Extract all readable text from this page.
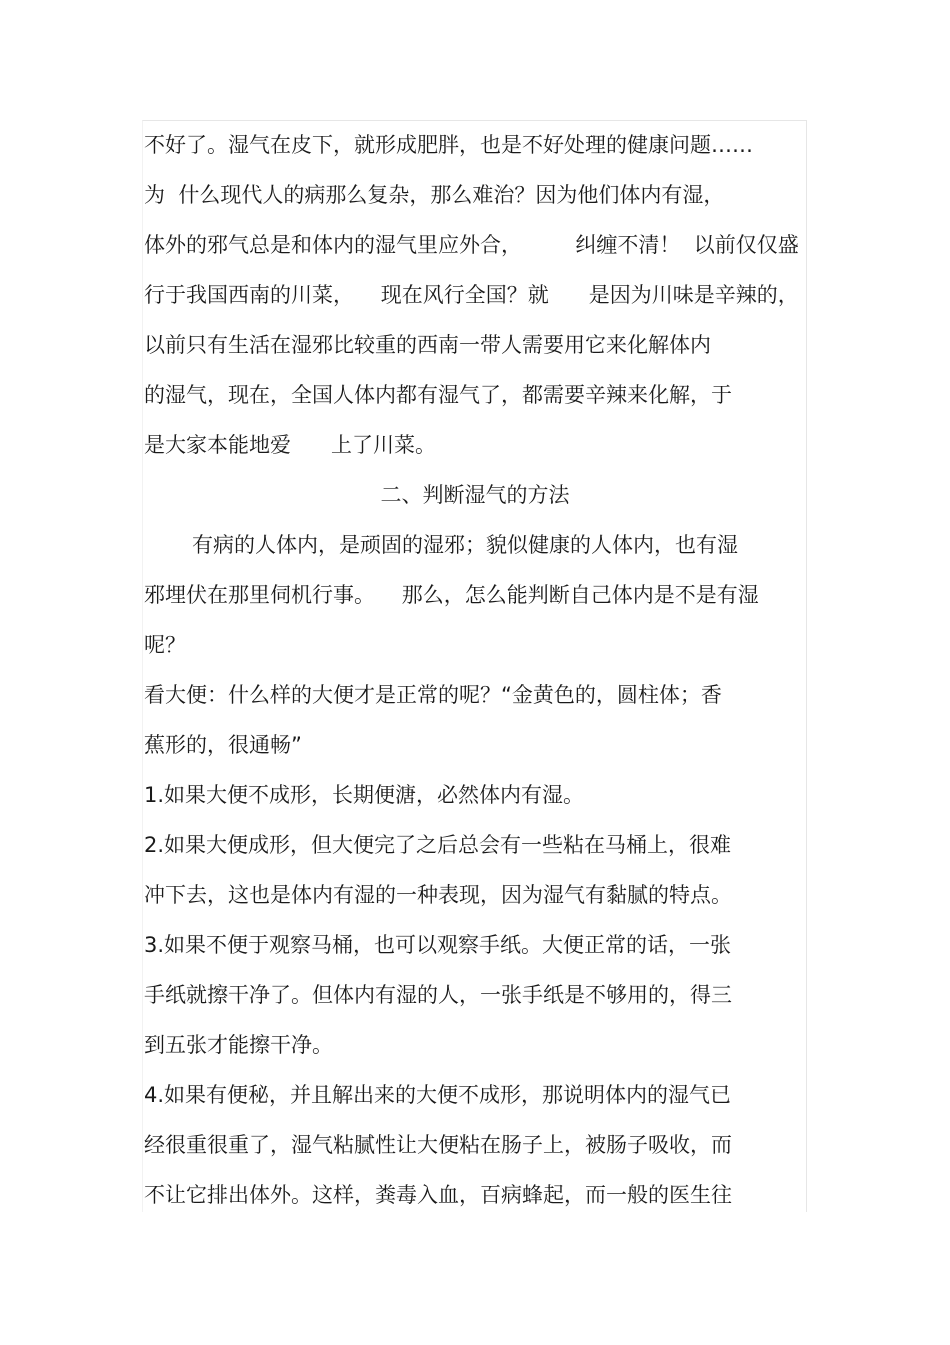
不好了。湿气在皮下，就形成肥胖，也是不好处理的健康问题……

为  什么现代人的病那么复杂，那么难治？因为他们体内有湿，

体外的邪气总是和体内的湿气里应外合，        纠缠不清！  以前仅仅盛

行于我国西南的川菜，    现在风行全国？就      是因为川味是辛辣的，

以前只有生活在湿邪比较重的西南一带人需要用它来化解体内

的湿气，现在，全国人体内都有湿气了，都需要辛辣来化解，于

是大家本能地爱      上了川菜。

二、判断湿气的方法

有病的人体内，是顽固的湿邪；貌似健康的人体内，也有湿

邪埋伏在那里伺机行事。    那么，怎么能判断自己体内是不是有湿

呢？

看大便：什么样的大便才是正常的呢？“金黄色的，圆柱体；香

蕉形的，很通畅”

1.如果大便不成形，长期便溏，必然体内有湿。

2.如果大便成形，但大便完了之后总会有一些粘在马桶上，很难

冲下去，这也是体内有湿的一种表现，因为湿气有黏腻的特点。

3.如果不便于观察马桶，也可以观察手纸。大便正常的话，一张

手纸就擦干净了。但体内有湿的人，一张手纸是不够用的，得三

到五张才能擦干净。

4.如果有便秘，并且解出来的大便不成形，那说明体内的湿气已

经很重很重了，湿气粘腻性让大便粘在肠子上，被肠子吸收，而

不让它排出体外。这样，粪毒入血，百病蜂起，而一般的医生往
